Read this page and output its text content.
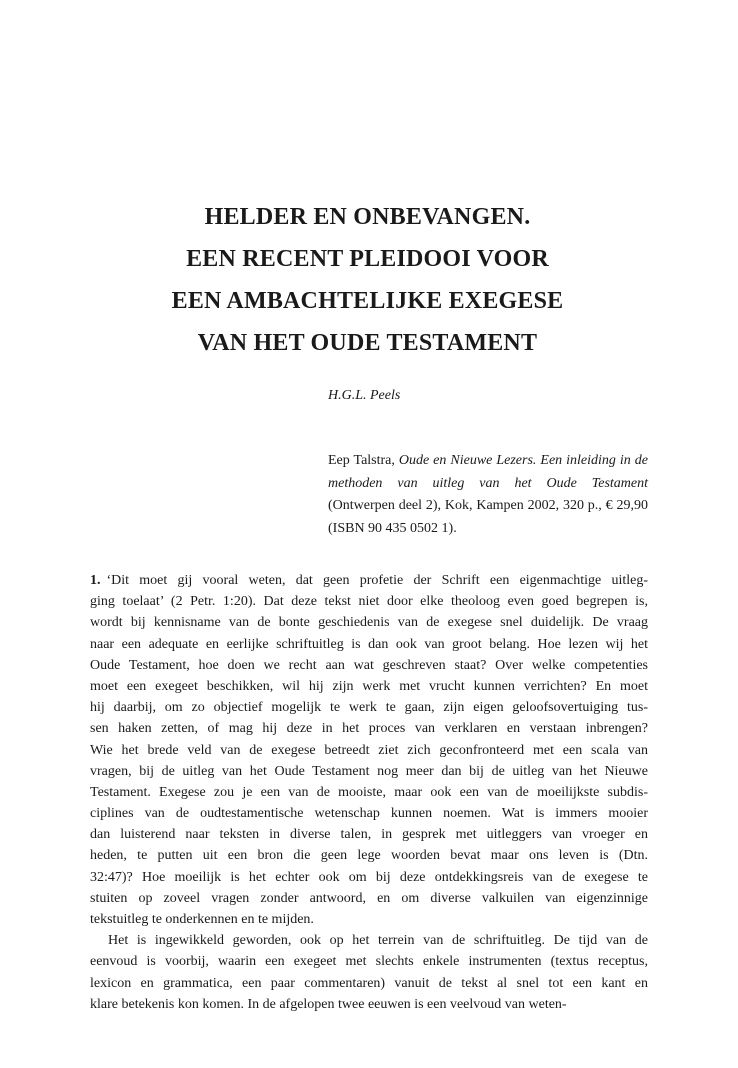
HELDER EN ONBEVANGEN.
EEN RECENT PLEIDOOI VOOR
EEN AMBACHTELIJKE EXEGESE
VAN HET OUDE TESTAMENT
H.G.L. Peels
Eep Talstra, Oude en Nieuwe Lezers. Een inleiding in de methoden van uitleg van het Oude Testament (Ontwerpen deel 2), Kok, Kampen 2002, 320 p., € 29,90 (ISBN 90 435 0502 1).
1. ‘Dit moet gij vooral weten, dat geen profetie der Schrift een eigenmachtige uitleg-
ging toelaat’ (2 Petr. 1:20). Dat deze tekst niet door elke theoloog even goed begrepen is,
wordt bij kennisname van de bonte geschiedenis van de exegese snel duidelijk. De vraag
naar een adequate en eerlijke schriftuitleg is dan ook van groot belang. Hoe lezen wij het
Oude Testament, hoe doen we recht aan wat geschreven staat? Over welke competenties
moet een exegeet beschikken, wil hij zijn werk met vrucht kunnen verrichten? En moet
hij daarbij, om zo objectief mogelijk te werk te gaan, zijn eigen geloofsovertuiging tus-
sen haken zetten, of mag hij deze in het proces van verklaren en verstaan inbrengen?
Wie het brede veld van de exegese betreedt ziet zich geconfronteerd met een scala van
vragen, bij de uitleg van het Oude Testament nog meer dan bij de uitleg van het Nieuwe
Testament. Exegese zou je een van de mooiste, maar ook een van de moeilijkste subdis-
ciplines van de oudtestamentische wetenschap kunnen noemen. Wat is immers mooier
dan luisterend naar teksten in diverse talen, in gesprek met uitleggers van vroeger en
heden, te putten uit een bron die geen lege woorden bevat maar ons leven is (Dtn.
32:47)? Hoe moeilijk is het echter ook om bij deze ontdekkingsreis van de exegese te
stuiten op zoveel vragen zonder antwoord, en om diverse valkuilen van eigenzinnige
tekstuitleg te onderkennen en te mijden.
Het is ingewikkeld geworden, ook op het terrein van de schriftuitleg. De tijd van de
eenvoud is voorbij, waarin een exegeet met slechts enkele instrumenten (textus receptus,
lexicon en grammatica, een paar commentaren) vanuit de tekst al snel tot een kant en
klare betekenis kon komen. In de afgelopen twee eeuwen is een veelvoud van weten-
